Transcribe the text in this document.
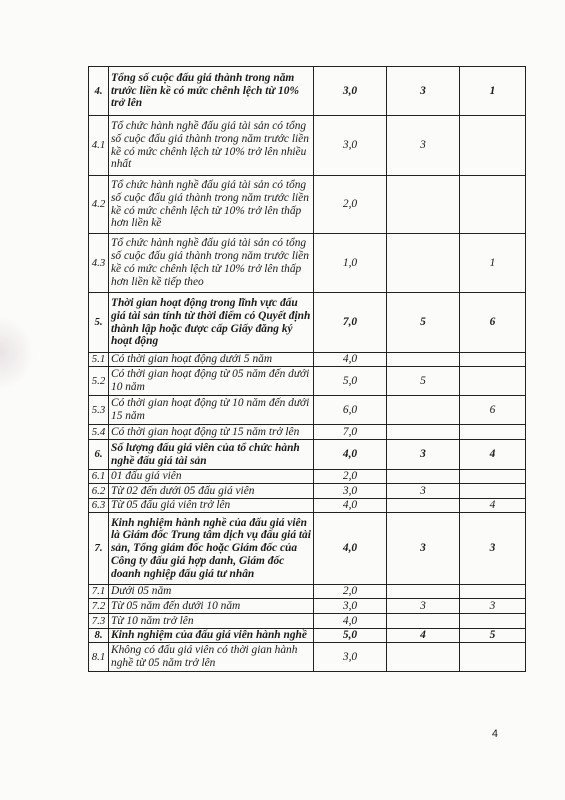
4.	Tổng số cuộc đấu giá thành trong năm trước liền kề có mức chênh lệch từ 10% trở lên	3,0	3	1
4.1	Tổ chức hành nghề đấu giá tài sản có tổng số cuộc đấu giá thành trong năm trước liền kề có mức chênh lệch từ 10% trở lên nhiều nhất	3,0	3	
4.2	Tổ chức hành nghề đấu giá tài sản có tổng số cuộc đấu giá thành trong năm trước liền kề có mức chênh lệch từ 10% trở lên thấp hơn liền kề	2,0		
4.3	Tổ chức hành nghề đấu giá tài sản có tổng số cuộc đấu giá thành trong năm trước liền kề có mức chênh lệch từ 10% trở lên thấp hơn liền kề tiếp theo	1,0		1
5.	Thời gian hoạt động trong lĩnh vực đấu giá tài sản tính từ thời điểm có Quyết định thành lập hoặc được cấp Giấy đăng ký hoạt động	7,0	5	6
5.1	Có thời gian hoạt động dưới 5 năm	4,0		
5.2	Có thời gian hoạt động từ 05 năm đến dưới 10 năm	5,0	5	
5.3	Có thời gian hoạt động từ 10 năm đến dưới 15 năm	6,0		6
5.4	Có thời gian hoạt động từ 15 năm trở lên	7,0		
6.	Số lượng đấu giá viên của tổ chức hành nghề đấu giá tài sản	4,0	3	4
6.1	01 đấu giá viên	2,0		
6.2	Từ 02 đến dưới 05 đấu giá viên	3,0	3	
6.3	Từ 05 đấu giá viên trở lên	4,0		4
7.	Kinh nghiệm hành nghề của đấu giá viên là Giám đốc Trung tâm dịch vụ đấu giá tài sản, Tổng giám đốc hoặc Giám đốc của Công ty đấu giá hợp danh, Giám đốc doanh nghiệp đấu giá tư nhân	4,0	3	3
7.1	Dưới 05 năm	2,0		
7.2	Từ 05 năm đến dưới 10 năm	3,0	3	3
7.3	Từ 10 năm trở lên	4,0		
8.	Kinh nghiệm của đấu giá viên hành nghề	5,0	4	5
8.1	Không có đấu giá viên có thời gian hành nghề từ 05 năm trở lên	3,0		
4
